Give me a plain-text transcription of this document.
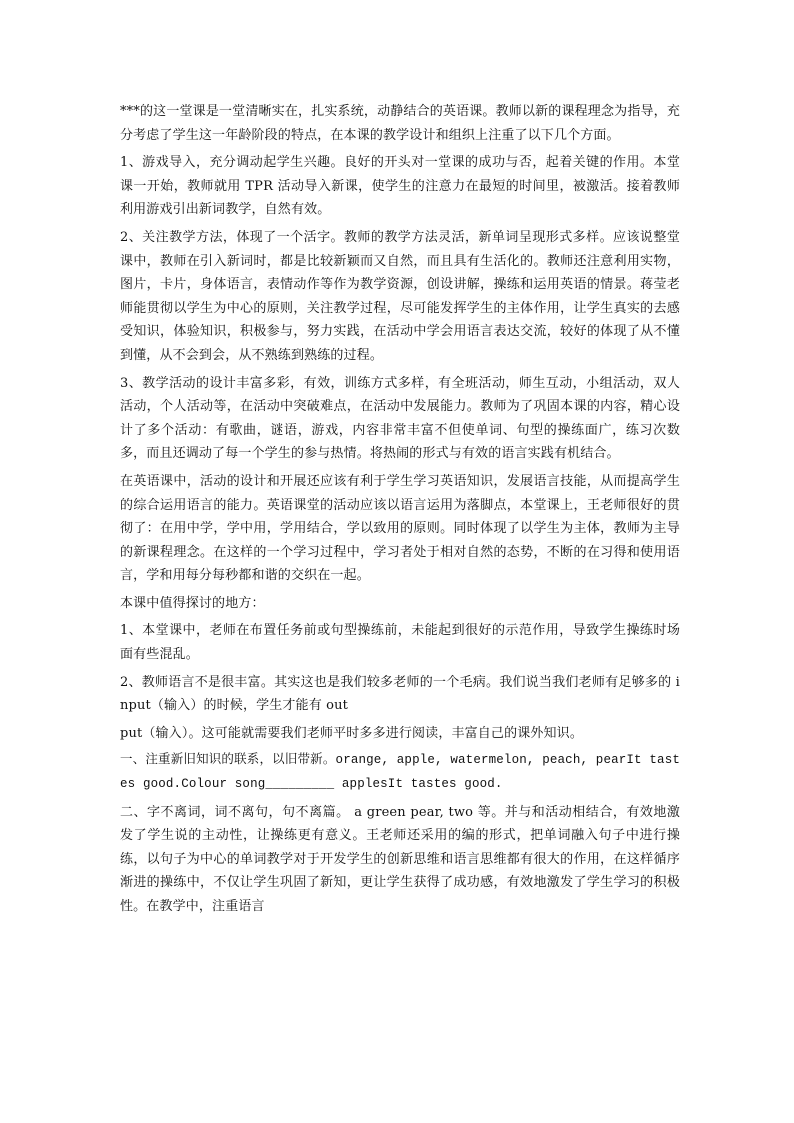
***的这一堂课是一堂清晰实在，扎实系统，动静结合的英语课。教师以新的课程理念为指导，充分考虑了学生这一年龄阶段的特点，在本课的教学设计和组织上注重了以下几个方面。

1、游戏导入，充分调动起学生兴趣。良好的开头对一堂课的成功与否，起着关键的作用。本堂课一开始，教师就用 TPR 活动导入新课，使学生的注意力在最短的时间里，被激活。接着教师利用游戏引出新词教学，自然有效。

2、关注教学方法，体现了一个活字。教师的教学方法灵活，新单词呈现形式多样。应该说整堂课中，教师在引入新词时，都是比较新颖而又自然，而且具有生活化的。教师还注意利用实物，图片，卡片，身体语言，表情动作等作为教学资源，创设讲解，操练和运用英语的情景。蒋莹老师能贯彻以学生为中心的原则，关注教学过程，尽可能发挥学生的主体作用，让学生真实的去感受知识，体验知识，积极参与，努力实践，在活动中学会用语言表达交流，较好的体现了从不懂到懂，从不会到会，从不熟练到熟练的过程。

3、教学活动的设计丰富多彩，有效，训练方式多样，有全班活动，师生互动，小组活动，双人活动，个人活动等，在活动中突破难点，在活动中发展能力。教师为了巩固本课的内容，精心设计了多个活动：有歌曲，谜语，游戏，内容非常丰富不但使单词、句型的操练面广，练习次数多，而且还调动了每一个学生的参与热情。将热闹的形式与有效的语言实践有机结合。

在英语课中，活动的设计和开展还应该有利于学生学习英语知识，发展语言技能，从而提高学生的综合运用语言的能力。英语课堂的活动应该以语言运用为落脚点，本堂课上，王老师很好的贯彻了：在用中学，学中用，学用结合，学以致用的原则。同时体现了以学生为主体，教师为主导的新课程理念。在这样的一个学习过程中，学习者处于相对自然的态势，不断的在习得和使用语言，学和用每分每秒都和谐的交织在一起。

本课中值得探讨的地方：

1、本堂课中，老师在布置任务前或句型操练前，未能起到很好的示范作用，导致学生操练时场面有些混乱。

2、教师语言不是很丰富。其实这也是我们较多老师的一个毛病。我们说当我们老师有足够多的 input（输入）的时候，学生才能有 out

put（输入）。这可能就需要我们老师平时多多进行阅读，丰富自己的课外知识。

一、注重新旧知识的联系，以旧带新。orange, apple, watermelon, peach, pearIt tastes good.Colour song_________ applesIt tastes good.

二、字不离词，词不离句，句不离篇。 a green pear, two 等。并与和活动相结合，有效地激发了学生说的主动性，让操练更有意义。王老师还采用的编的形式，把单词融入句子中进行操练，以句子为中心的单词教学对于开发学生的创新思维和语言思维都有很大的作用，在这样循序渐进的操练中，不仅让学生巩固了新知，更让学生获得了成功感，有效地激发了学生学习的积极性。在教学中，注重语言
